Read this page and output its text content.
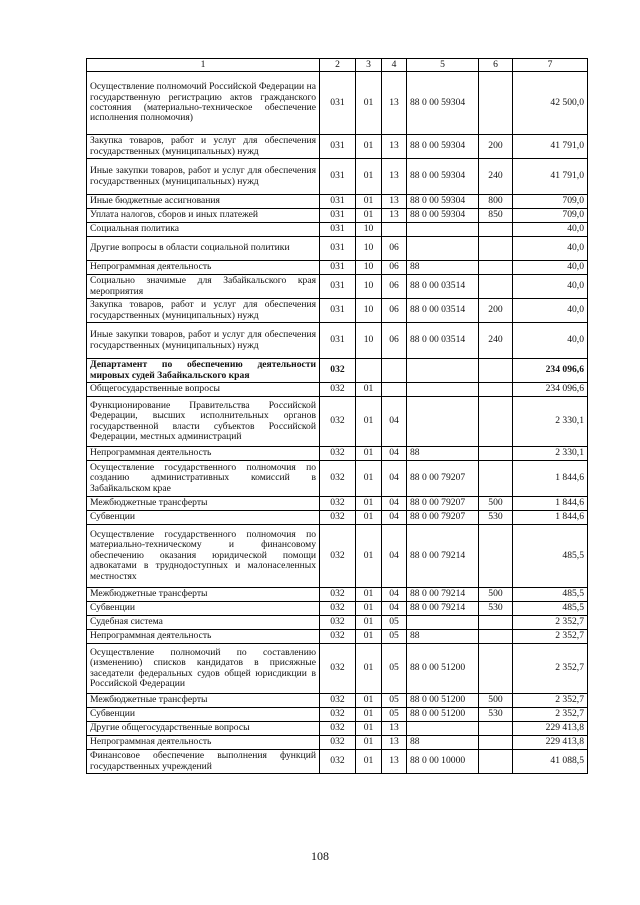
1	2	3	4	5	6	7
Осуществление полномочий Российской Федерации на государственную регистрацию актов гражданского состояния (материально-техническое обеспечение исполнения полномочия)	031	01	13	88 0 00 59304		42 500,0
Закупка товаров, работ и услуг для обеспечения государственных (муниципальных) нужд	031	01	13	88 0 00 59304	200	41 791,0
Иные закупки товаров, работ и услуг для обеспечения государственных (муниципальных) нужд	031	01	13	88 0 00 59304	240	41 791,0
Иные бюджетные ассигнования	031	01	13	88 0 00 59304	800	709,0
Уплата налогов, сборов и иных платежей	031	01	13	88 0 00 59304	850	709,0
Социальная политика	031	10				40,0
Другие вопросы в области социальной политики	031	10	06			40,0
Непрограммная деятельность	031	10	06	88		40,0
Социально значимые для Забайкальского края мероприятия	031	10	06	88 0 00 03514		40,0
Закупка товаров, работ и услуг для обеспечения государственных (муниципальных) нужд	031	10	06	88 0 00 03514	200	40,0
Иные закупки товаров, работ и услуг для обеспечения государственных (муниципальных) нужд	031	10	06	88 0 00 03514	240	40,0
Департамент по обеспечению деятельности мировых судей Забайкальского края	032					234 096,6
Общегосударственные вопросы	032	01				234 096,6
Функционирование Правительства Российской Федерации, высших исполнительных органов государственной власти субъектов Российской Федерации, местных администраций	032	01	04			2 330,1
Непрограммная деятельность	032	01	04	88		2 330,1
Осуществление государственного полномочия по созданию административных комиссий в Забайкальском крае	032	01	04	88 0 00 79207		1 844,6
Межбюджетные трансферты	032	01	04	88 0 00 79207	500	1 844,6
Субвенции	032	01	04	88 0 00 79207	530	1 844,6
Осуществление государственного полномочия по материально-техническому и финансовому обеспечению оказания юридической помощи адвокатами в труднодоступных и малонаселенных местностях	032	01	04	88 0 00 79214		485,5
Межбюджетные трансферты	032	01	04	88 0 00 79214	500	485,5
Субвенции	032	01	04	88 0 00 79214	530	485,5
Судебная система	032	01	05			2 352,7
Непрограммная деятельность	032	01	05	88		2 352,7
Осуществление полномочий по составлению (изменению) списков кандидатов в присяжные заседатели федеральных судов общей юрисдикции в Российской Федерации	032	01	05	88 0 00 51200		2 352,7
Межбюджетные трансферты	032	01	05	88 0 00 51200	500	2 352,7
Субвенции	032	01	05	88 0 00 51200	530	2 352,7
Другие общегосударственные вопросы	032	01	13			229 413,8
Непрограммная деятельность	032	01	13	88		229 413,8
Финансовое обеспечение выполнения функций государственных учреждений	032	01	13	88 0 00 10000		41 088,5
108
